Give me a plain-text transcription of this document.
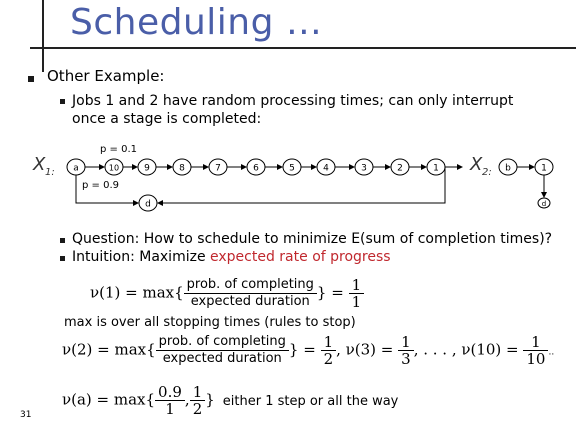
Scheduling …
Other Example:
Jobs 1 and 2 have random processing times; can only interrupt
once a stage is completed:
X 1:	X 2:
p = 0.1
p = 0.9
a	10	9	8	7	6	5	4	3	2	1
d
b	1
d
Question: How to schedule to minimize E(sum of completion times)?
Intuition: Maximize expected rate of progress
$\nu(1) = \max\{ \frac{\text{prob. of completing}}{\text{expected duration}}$ } = $\frac{1}{1}$
max is over all stopping times (rules to stop)
$\nu(2) = \max\{ \frac{\text{prob. of completing}}{\text{expected duration}}$ } = $\frac{1}{2}$ , $\nu(3) = \frac{1}{3}$ , . . . , $\nu(10) = \frac{1}{10}$ ..
$\nu(a) = \max\{ \frac{0.9}{1}$ , $\frac{1}{2}$ } either 1 step or all the way
31
